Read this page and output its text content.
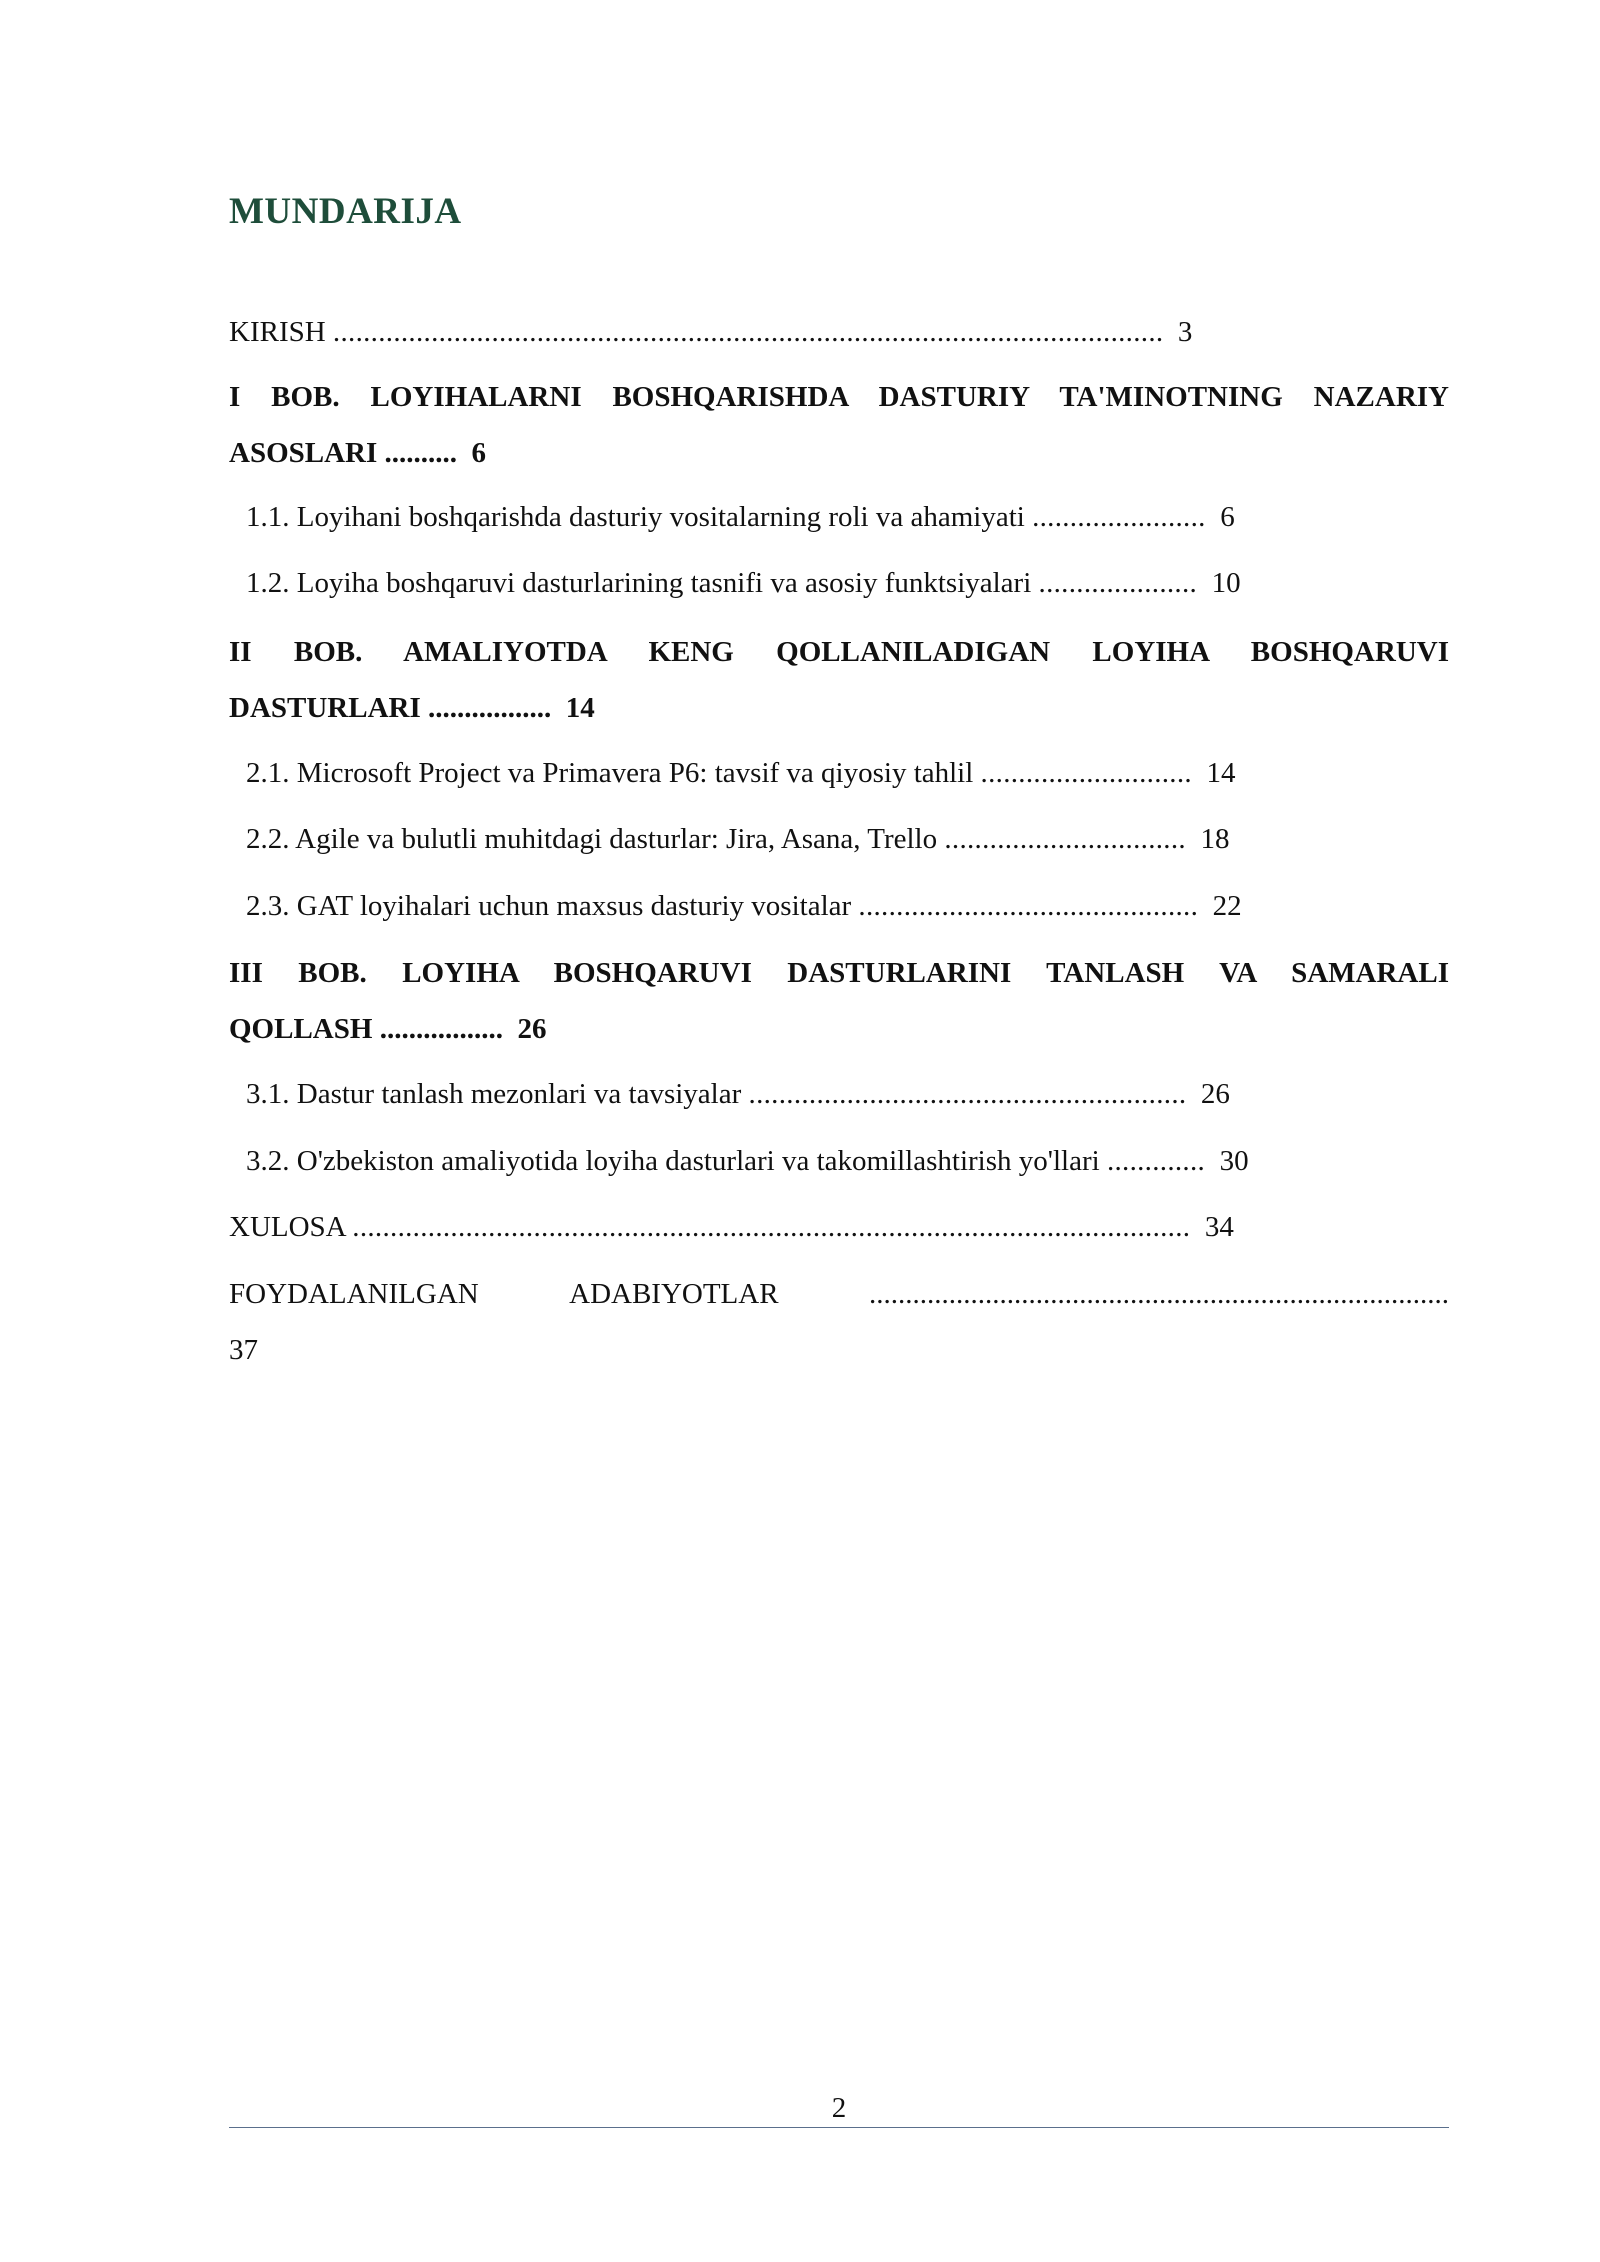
MUNDARIJA
KIRISH .............................................................................................................. 3
I BOB. LOYIHALARNI BOSHQARISHDA DASTURIY TA'MINOTNING NAZARIY
ASOSLARI .......... 6
1.1. Loyihani boshqarishda dasturiy vositalarning roli va ahamiyati ....................... 6
1.2. Loyiha boshqaruvi dasturlarining tasnifi va asosiy funktsiyalari ..................... 10
II BOB. AMALIYOTDA KENG QOLLANILADIGAN LOYIHA BOSHQARUVI
DASTURLARI ................. 14
2.1. Microsoft Project va Primavera P6: tavsif va qiyosiy tahlil ............................ 14
2.2. Agile va bulutli muhitdagi dasturlar: Jira, Asana, Trello ................................ 18
2.3. GAT loyihalari uchun maxsus dasturiy vositalar ............................................. 22
III BOB. LOYIHA BOSHQARUVI DASTURLARINI TANLASH VA SAMARALI
QOLLASH ................. 26
3.1. Dastur tanlash mezonlari va tavsiyalar .......................................................... 26
3.2. O'zbekiston amaliyotida loyiha dasturlari va takomillashtirish yo'llari ............. 30
XULOSA ............................................................................................................... 34
FOYDALANILGAN	ADABIYOTLAR	................................................................................
37
2
